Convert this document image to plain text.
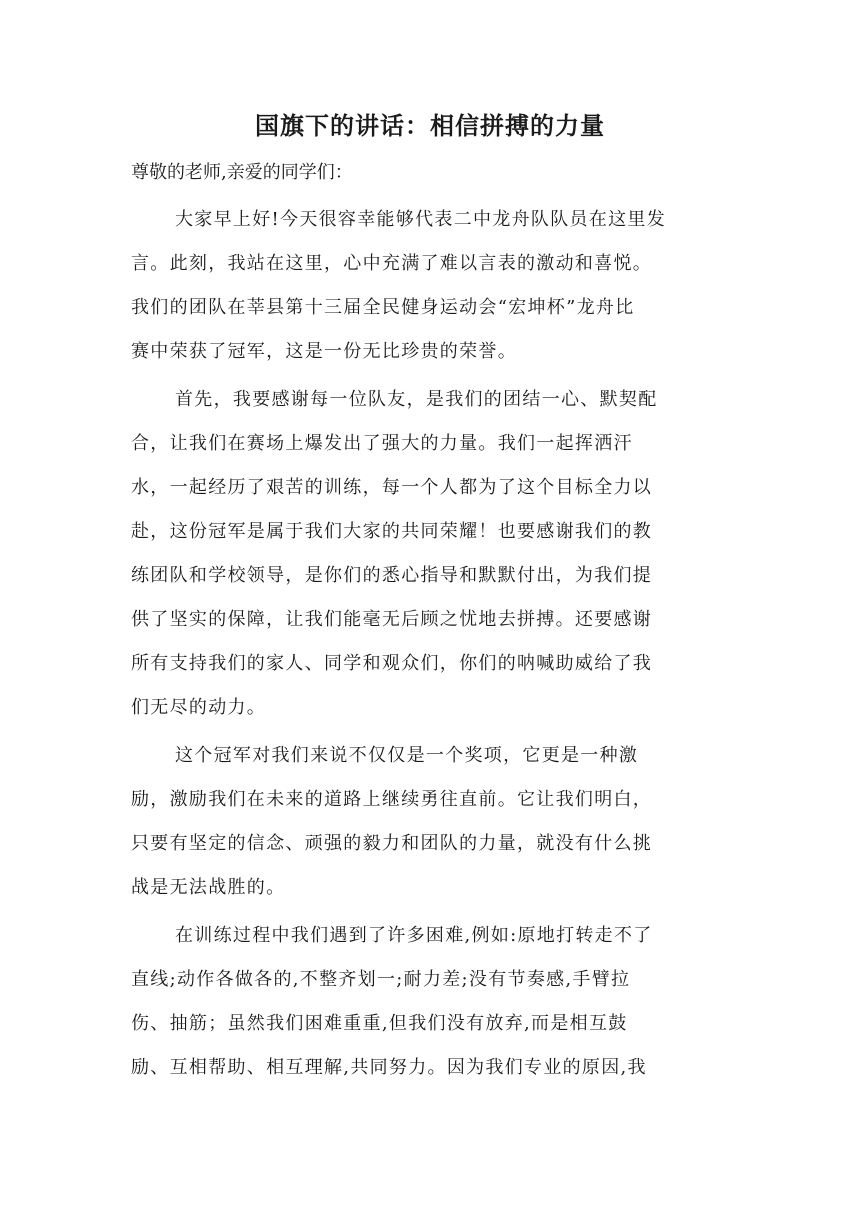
国旗下的讲话：相信拼搏的力量
尊敬的老师,亲爱的同学们：

大家早上好!今天很容幸能够代表二中龙舟队队员在这里发
言。此刻，我站在这里，心中充满了难以言表的激动和喜悦。
我们的团队在莘县第十三届全民健身运动会“宏坤杯”龙舟比
赛中荣获了冠军，这是一份无比珍贵的荣誉。

首先，我要感谢每一位队友，是我们的团结一心、默契配
合，让我们在赛场上爆发出了强大的力量。我们一起挥洒汗
水，一起经历了艰苦的训练，每一个人都为了这个目标全力以
赴，这份冠军是属于我们大家的共同荣耀！也要感谢我们的教
练团队和学校领导，是你们的悉心指导和默默付出，为我们提
供了坚实的保障，让我们能毫无后顾之忧地去拼搏。还要感谢
所有支持我们的家人、同学和观众们，你们的呐喊助威给了我
们无尽的动力。

这个冠军对我们来说不仅仅是一个奖项，它更是一种激
励，激励我们在未来的道路上继续勇往直前。它让我们明白，
只要有坚定的信念、顽强的毅力和团队的力量，就没有什么挑
战是无法战胜的。

在训练过程中我们遇到了许多困难,例如:原地打转走不了
直线;动作各做各的,不整齐划一;耐力差;没有节奏感,手臂拉
伤、抽筋；虽然我们困难重重,但我们没有放弃,而是相互鼓
励、互相帮助、相互理解,共同努力。因为我们专业的原因,我
